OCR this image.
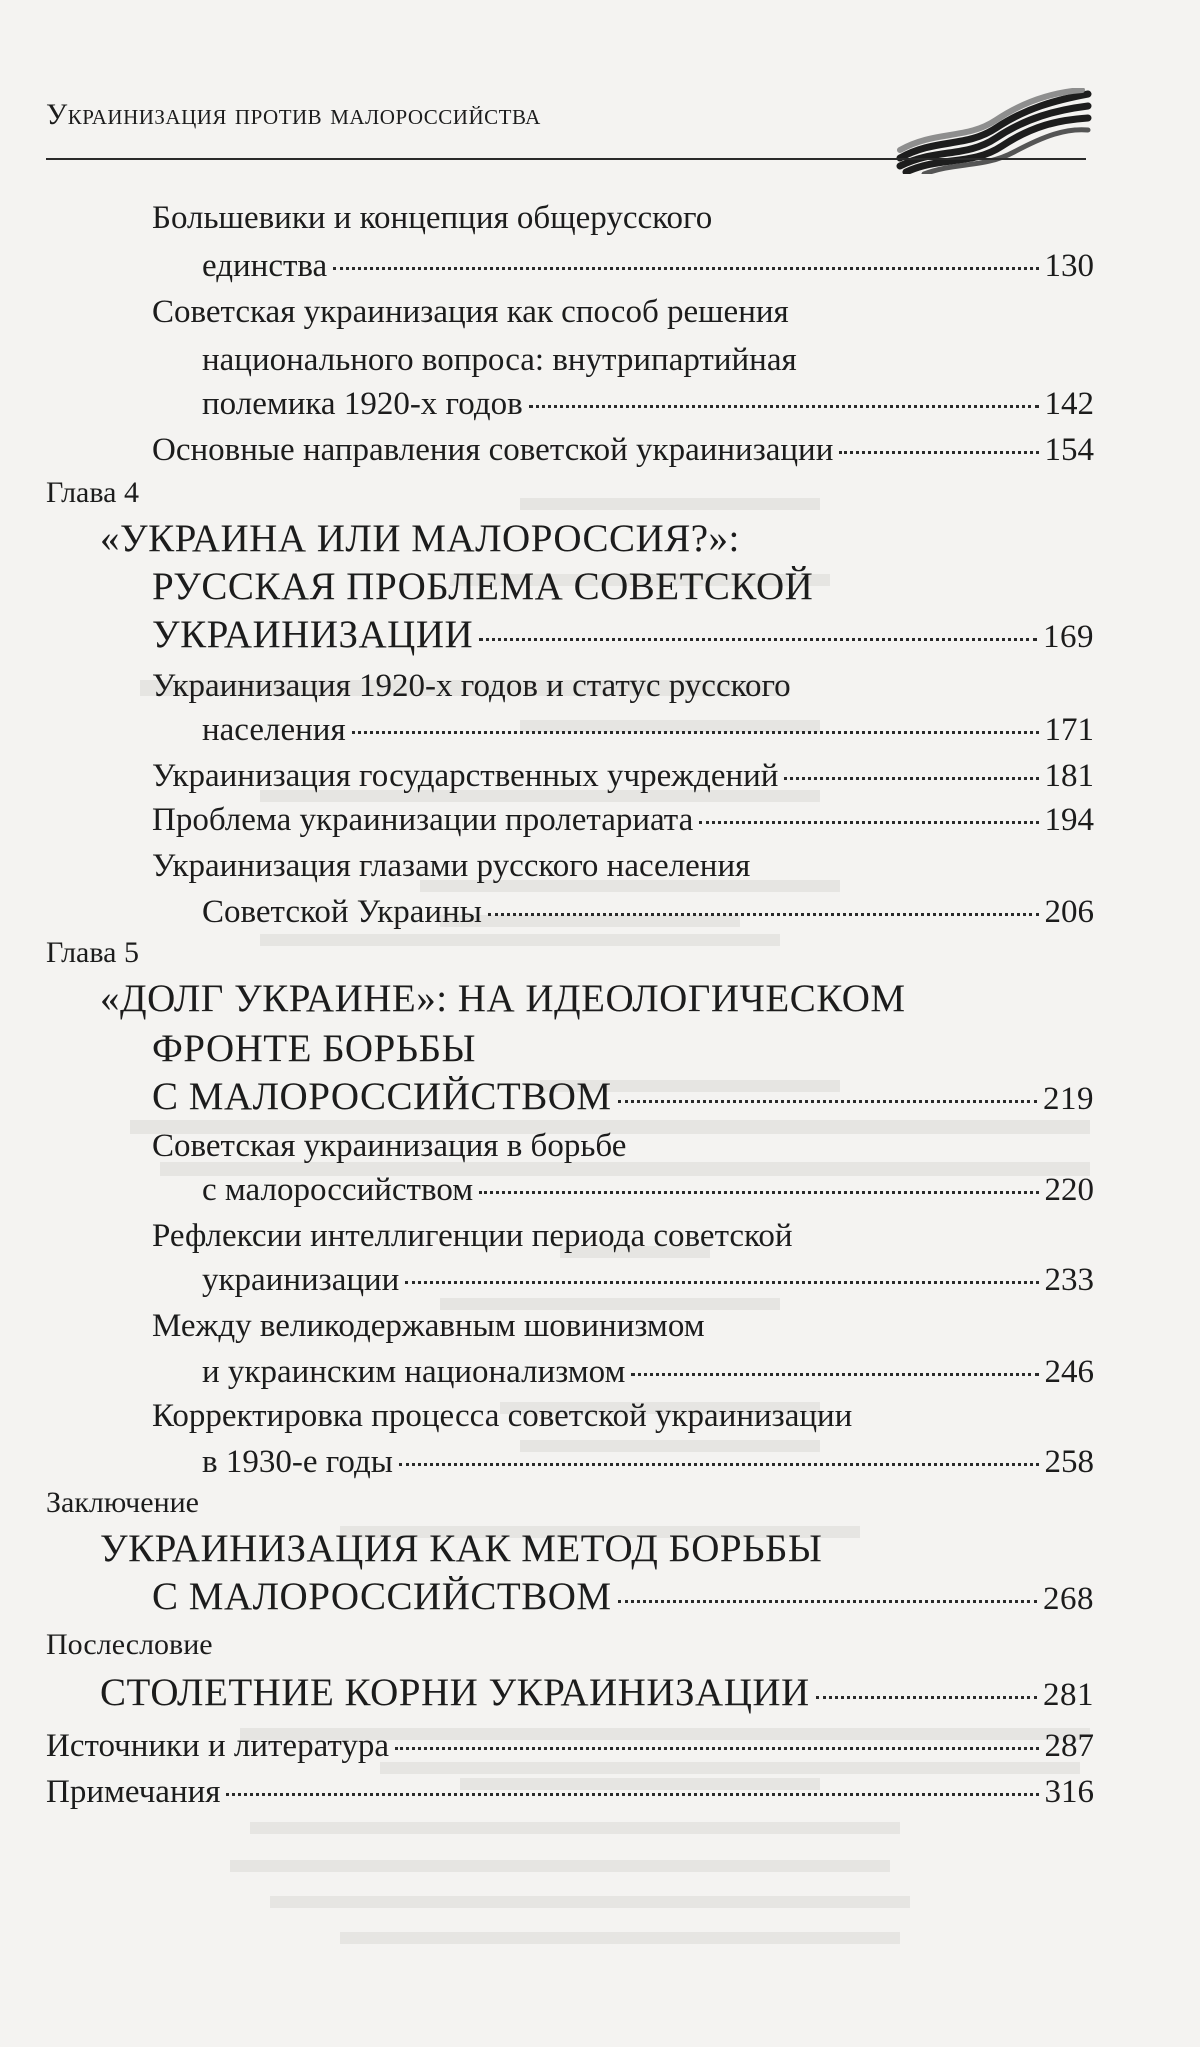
Украинизация против малороссийства
Большевики и концепция общерусского
единства	130
Советская украинизация как способ решения
национального вопроса: внутрипартийная
полемика 1920-х годов	142
Основные направления советской украинизации	154
Глава 4
«УКРАИНА ИЛИ МАЛОРОССИЯ?»:
РУССКАЯ ПРОБЛЕМА СОВЕТСКОЙ
УКРАИНИЗАЦИИ	169
Украинизация 1920-х годов и статус русского
населения	171
Украинизация государственных учреждений	181
Проблема украинизации пролетариата	194
Украинизация глазами русского населения
Советской Украины	206
Глава 5
«ДОЛГ УКРАИНЕ»: НА ИДЕОЛОГИЧЕСКОМ
ФРОНТЕ БОРЬБЫ
С МАЛОРОССИЙСТВОМ	219
Советская украинизация в борьбе
с малороссийством	220
Рефлексии интеллигенции периода советской
украинизации	233
Между великодержавным шовинизмом
и украинским национализмом	246
Корректировка процесса советской украинизации
в 1930-е годы	258
Заключение
УКРАИНИЗАЦИЯ КАК МЕТОД БОРЬБЫ
С МАЛОРОССИЙСТВОМ	268
Послесловие
СТОЛЕТНИЕ КОРНИ УКРАИНИЗАЦИИ	281
Источники и литература	287
Примечания	316
